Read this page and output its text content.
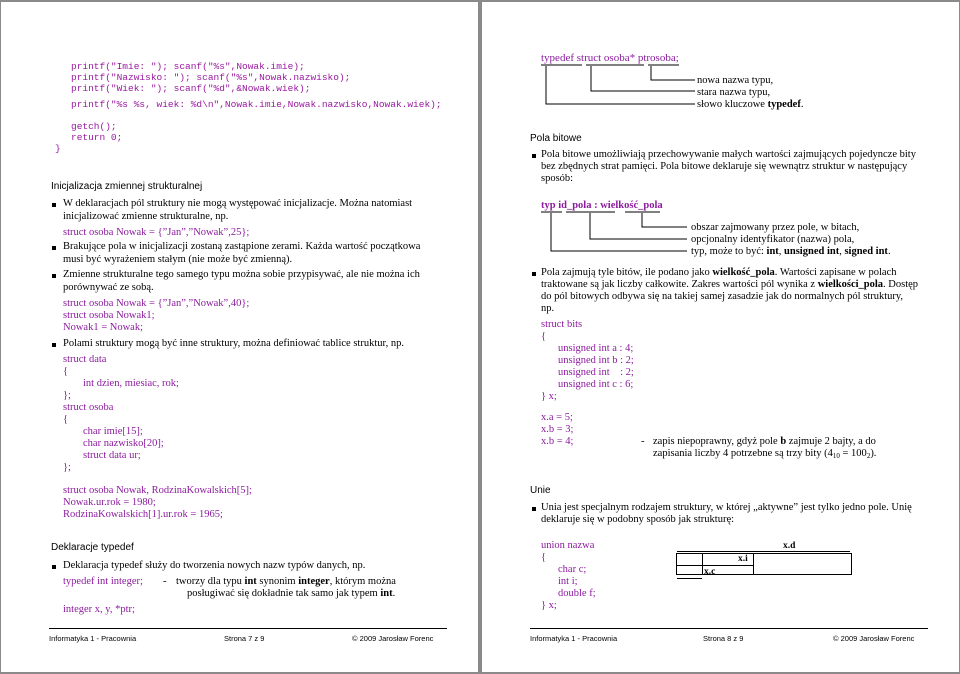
printf("Imie: "); scanf("%s",Nowak.imie);
printf("Nazwisko: "); scanf("%s",Nowak.nazwisko);
printf("Wiek: "); scanf("%d",&Nowak.wiek);
printf("%s %s, wiek: %d\n",Nowak.imie,Nowak.nazwisko,Nowak.wiek);
getch();
return 0;
}
Inicjalizacja zmiennej strukturalnej
W deklaracjach pól struktury nie mogą występować inicjalizacje. Można natomiast
inicjalizować zmienne strukturalne, np.
struct osoba Nowak = {”Jan”,”Nowak”,25};
Brakujące pola w inicjalizacji zostaną zastąpione zerami. Każda wartość początkowa
musi być wyrażeniem stałym (nie może być zmienną).
Zmienne strukturalne tego samego typu można sobie przypisywać, ale nie można ich
porównywać ze sobą.
struct osoba Nowak = {”Jan”,”Nowak”,40};
struct osoba Nowak1;
Nowak1 = Nowak;
Polami struktury mogą być inne struktury, można definiować tablice struktur, np.
struct data
{
int dzien, miesiac, rok;
};
struct osoba
{
char imie[15];
char nazwisko[20];
struct data ur;
};
struct osoba Nowak, RodzinaKowalskich[5];
Nowak.ur.rok = 1980;
RodzinaKowalskich[1].ur.rok = 1965;
Deklaracje typedef
Deklaracja typedef służy do tworzenia nowych nazw typów danych, np.
typedef int integer; - tworzy dla typu int synonim integer, którym można
posługiwać się dokładnie tak samo jak typem int.
integer x, y, *ptr;
Informatyka 1 - Pracownia	Strona 7 z 9	© 2009 Jarosław Forenc
typedef struct osoba* ptrosoba;
nowa nazwa typu,
stara nazwa typu,
słowo kluczowe typedef.
Pola bitowe
Pola bitowe umożliwiają przechowywanie małych wartości zajmujących pojedyncze bity
bez zbędnych strat pamięci. Pola bitowe deklaruje się wewnątrz struktur w następujący
sposób:
typ id_pola : wielkość_pola
obszar zajmowany przez pole, w bitach,
opcjonalny identyfikator (nazwa) pola,
typ, może to być: int, unsigned int, signed int.
Pola zajmują tyle bitów, ile podano jako wielkość_pola. Wartości zapisane w polach
traktowane są jak liczby całkowite. Zakres wartości pól wynika z wielkości_pola. Dostęp
do pól bitowych odbywa się na takiej samej zasadzie jak do normalnych pól struktury,
np.
struct bits
{
unsigned int a : 4;
unsigned int b : 2;
unsigned int    : 2;
unsigned int c : 6;
} x;
x.a = 5;
x.b = 3;
x.b = 4;	- zapis niepoprawny, gdyż pole b zajmuje 2 bajty, a do
zapisania liczby 4 potrzebne są trzy bity $(4_{10} = 100_2)$.
Unie
Unia jest specjalnym rodzajem struktury, w której „aktywne” jest tylko jedno pole. Unię
deklaruje się w podobny sposób jak strukturę:
union nazwa
{
char c;
int i;
double f;
} x;
x.d
x.i
x.c
Informatyka 1 - Pracownia	Strona 8 z 9	© 2009 Jarosław Forenc
